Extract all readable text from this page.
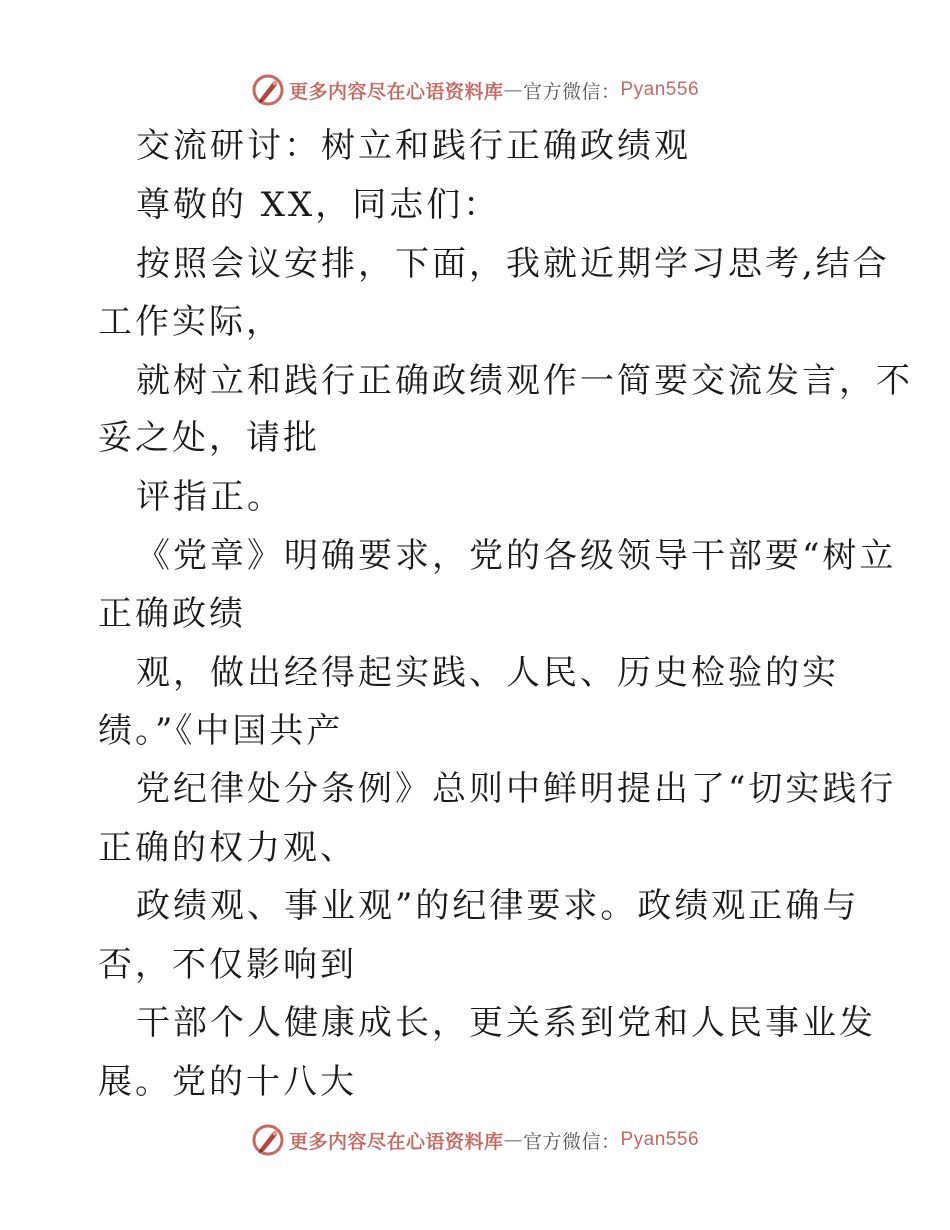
更多内容尽在心语资料库 — 官方微信： Pyan556
交流研讨：树立和践行正确政绩观
尊敬的 XX，同志们：
按照会议安排，下面，我就近期学习思考,结合
工作实际，
就树立和践行正确政绩观作一简要交流发言，不
妥之处，请批
评指正。
《党章》明确要求，党的各级领导干部要“树立
正确政绩
观，做出经得起实践、人民、历史检验的实
绩。”《中国共产
党纪律处分条例》总则中鲜明提出了“切实践行
正确的权力观、
政绩观、事业观”的纪律要求。政绩观正确与
否，不仅影响到
干部个人健康成长，更关系到党和人民事业发
展。党的十八大
更多内容尽在心语资料库 — 官方微信： Pyan556
